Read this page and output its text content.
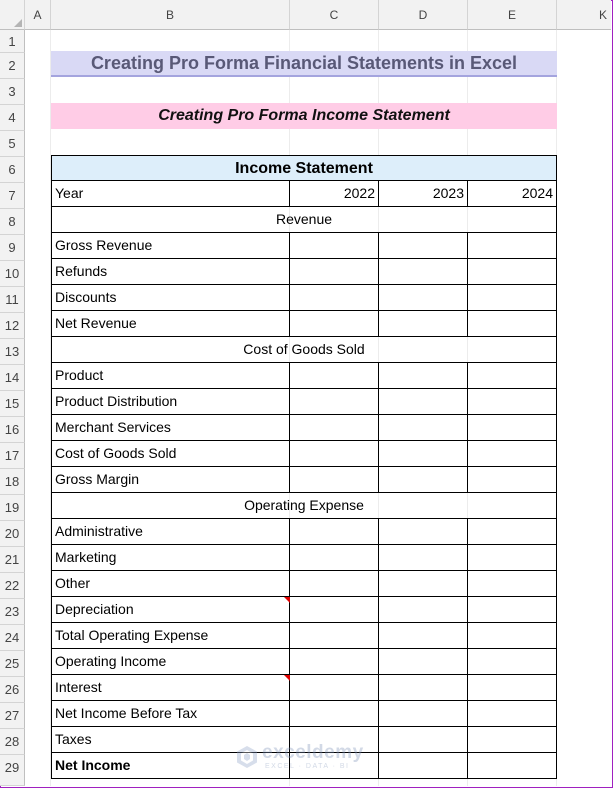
A	B	C	D	E	K
1
2
3
4
5
6
7
8
9
10
11
12
13
14
15
16
17
18
19
20
21
22
23
24
25
26
27
28
29
Creating Pro Forma Financial Statements in Excel
Creating Pro Forma Income Statement
Income Statement
Year	2022	2023	2024
Revenue
Gross Revenue
Refunds
Discounts
Net Revenue
Cost of Goods Sold
Product
Product Distribution
Merchant Services
Cost of Goods Sold
Gross Margin
Operating Expense
Administrative
Marketing
Other
Depreciation
Total Operating Expense
Operating Income
Interest
Net Income Before Tax
Taxes
Net Income
exceldemy
EXCEL · DATA · BI
